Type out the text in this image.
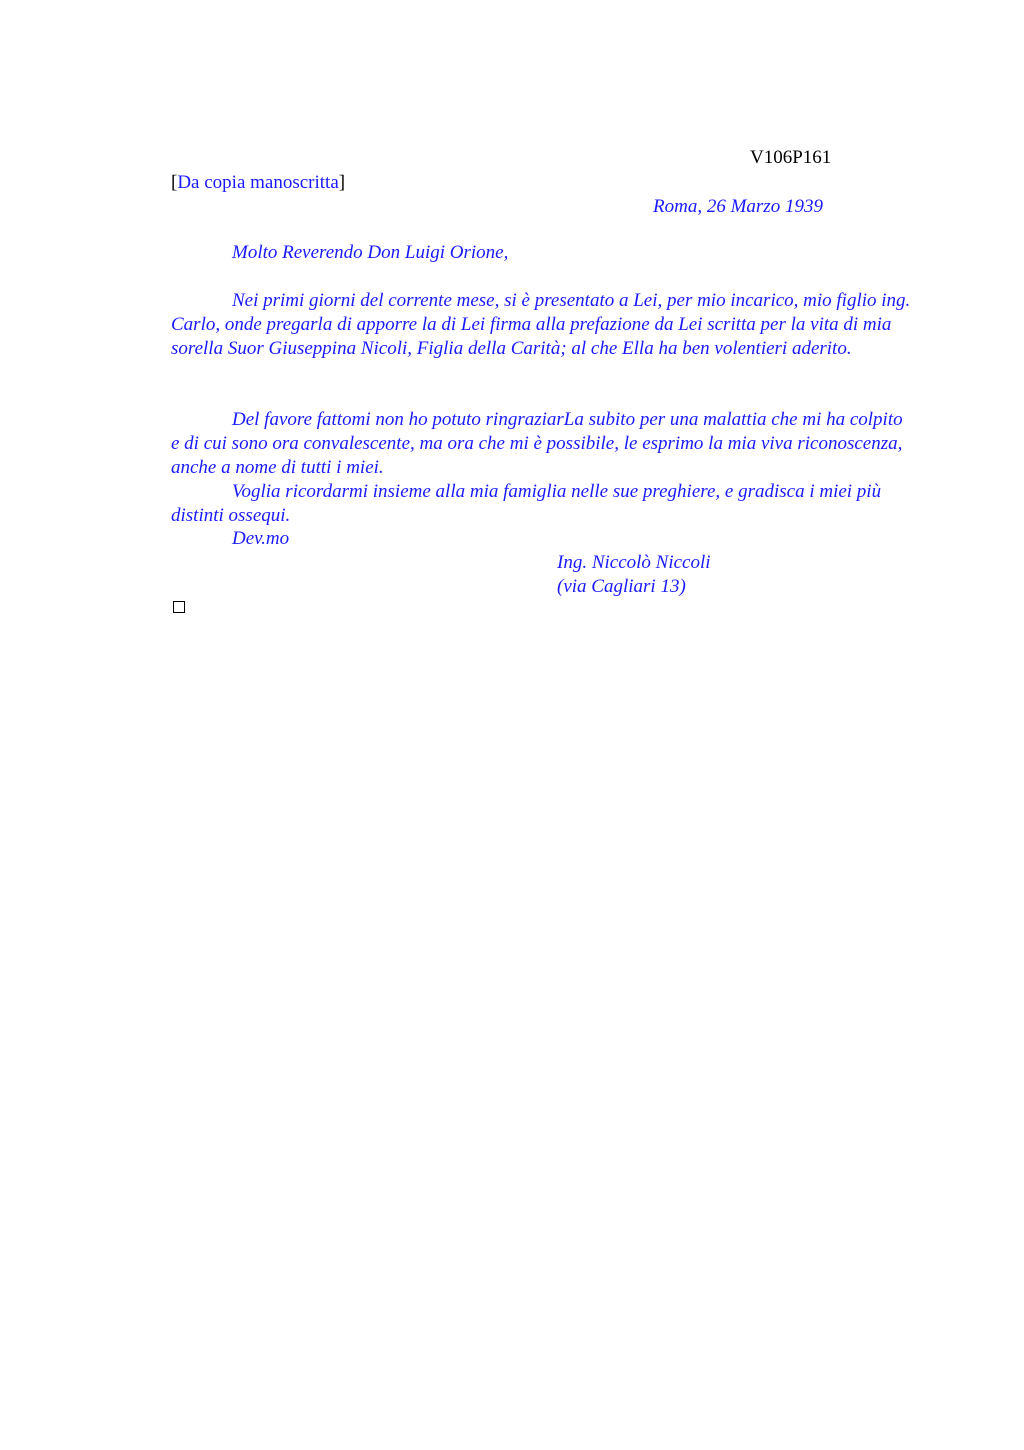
V106P161
[Da copia manoscritta]
Roma, 26 Marzo 1939
Molto Reverendo Don Luigi Orione,
Nei primi giorni del corrente mese, si è presentato a Lei, per mio incarico, mio figlio ing. Carlo, onde pregarla di apporre la di Lei firma alla prefazione da Lei scritta per la vita di mia sorella Suor Giuseppina Nicoli, Figlia della Carità; al che Ella ha ben volentieri aderito.
Del favore fattomi non ho potuto ringraziarLa subito per una malattia che mi ha colpito e di cui sono ora convalescente, ma ora che mi è possibile, le esprimo la mia viva riconoscenza, anche a nome di tutti i miei.
Voglia ricordarmi insieme alla mia famiglia nelle sue preghiere, e gradisca i miei più distinti ossequi.
Dev.mo
Ing. Niccolò Niccoli
(via Cagliari 13)
